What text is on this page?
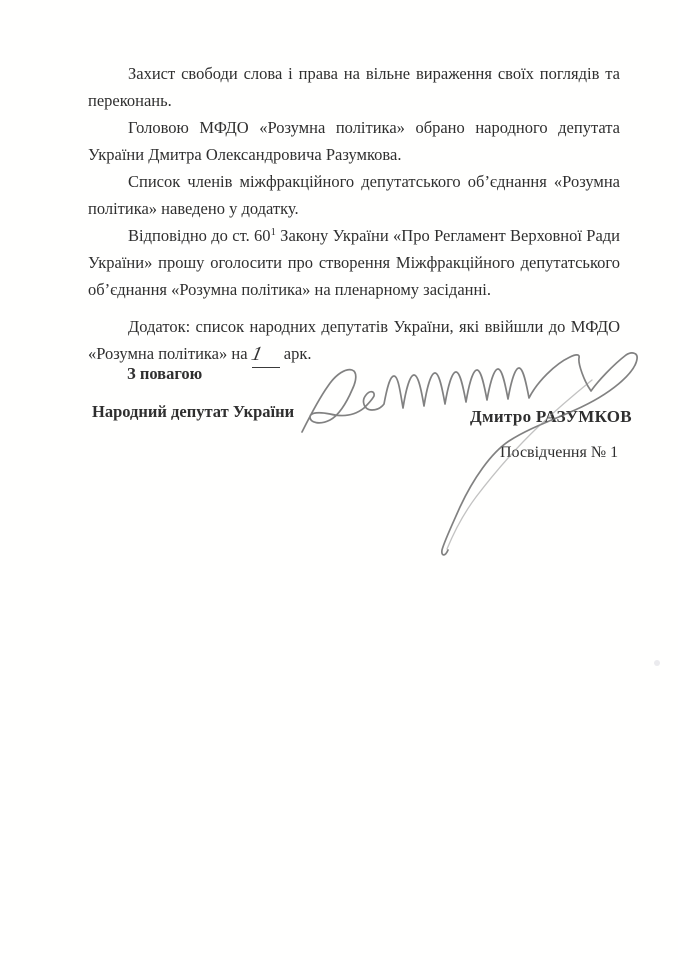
Захист свободи слова і права на вільне вираження своїх поглядів та
переконань.
Головою МФДО «Розумна політика» обрано народного депутата
України Дмитра Олександровича Разумкова.
Список членів міжфракційного депутатського об’єднання «Розумна
політика» наведено у додатку.
Відповідно до ст. $60^1$ Закону України «Про Регламент Верховної Ради
України» прошу оголосити про створення Міжфракційного депутатського
об’єднання «Розумна політика» на пленарному засіданні.
Додаток: список народних депутатів України, які ввійшли до МФДО
«Розумна політика» на 1 арк.
З повагою
Народний депутат України	Дмитро РАЗУМКОВ
Посвідчення № 1
